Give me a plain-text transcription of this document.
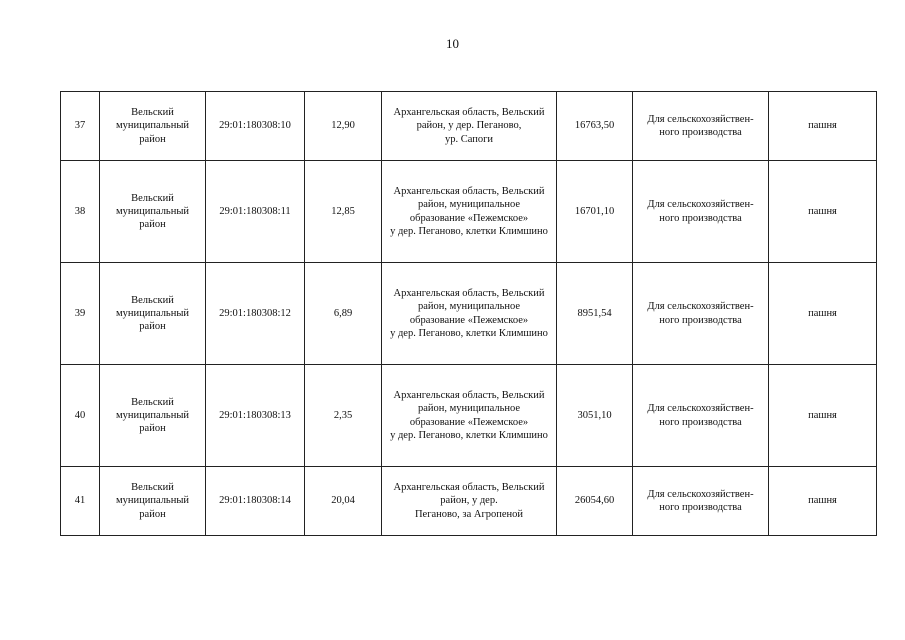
10
37	Вельский
муниципальный
район	29:01:180308:10	12,90	Архангельская область, Вельский
район, у дер. Пеганово,
ур. Сапоги	16763,50	Для сельскохозяйствен-
ного производства	пашня
38	Вельский
муниципальный
район	29:01:180308:11	12,85	Архангельская область, Вельский
район, муниципальное
образование «Пежемское»
у дер. Пеганово, клетки Климшино	16701,10	Для сельскохозяйствен-
ного производства	пашня
39	Вельский
муниципальный
район	29:01:180308:12	6,89	Архангельская область, Вельский
район, муниципальное
образование «Пежемское»
у дер. Пеганово, клетки Климшино	8951,54	Для сельскохозяйствен-
ного производства	пашня
40	Вельский
муниципальный
район	29:01:180308:13	2,35	Архангельская область, Вельский
район, муниципальное
образование «Пежемское»
у дер. Пеганово, клетки Климшино	3051,10	Для сельскохозяйствен-
ного производства	пашня
41	Вельский
муниципальный
район	29:01:180308:14	20,04	Архангельская область, Вельский
район, у дер.
Пеганово, за Агропеной	26054,60	Для сельскохозяйствен-
ного производства	пашня
